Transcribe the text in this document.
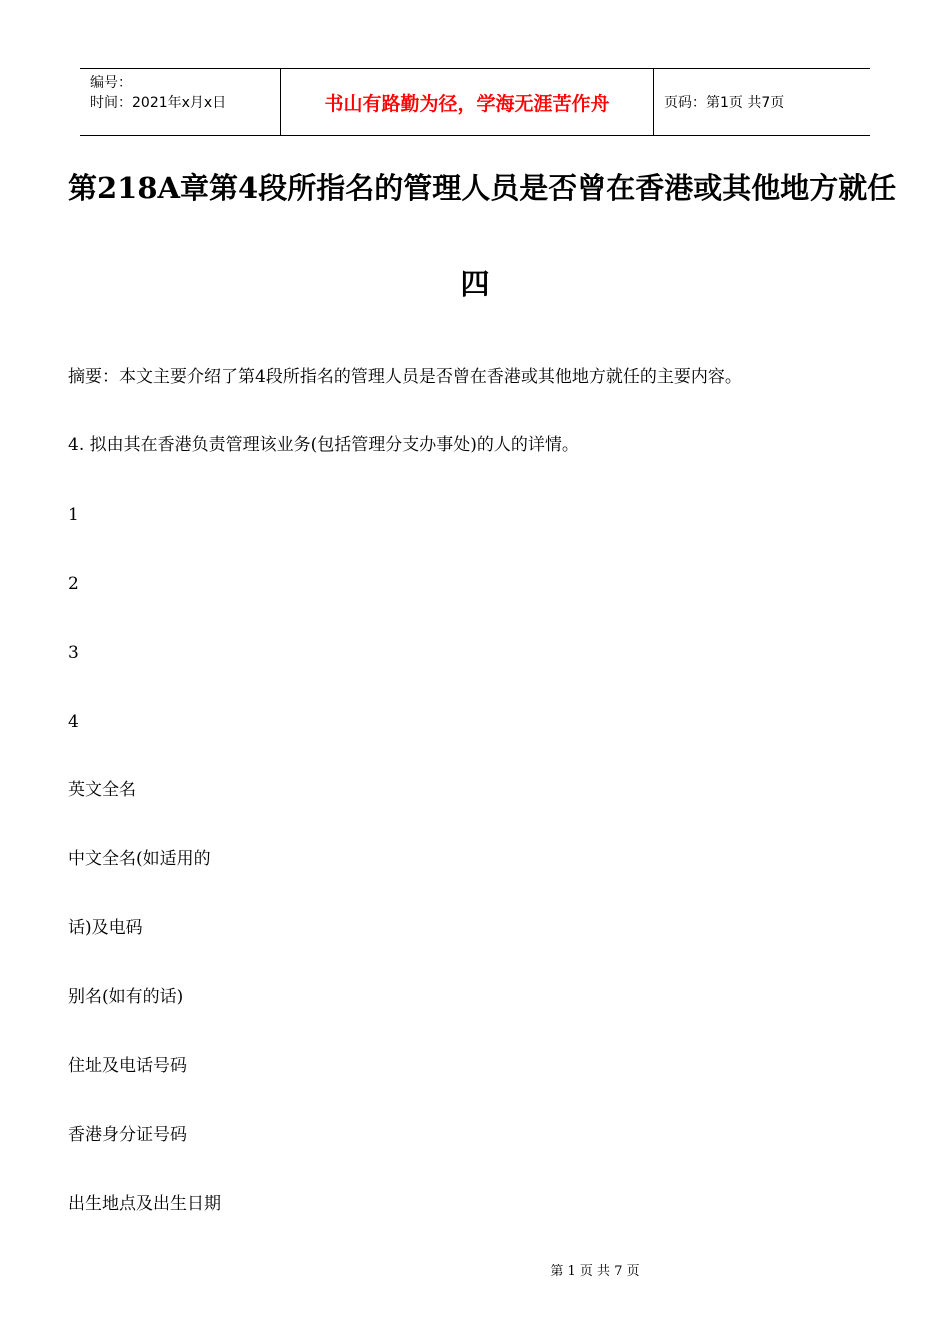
编号：
时间：2021年x月x日	书山有路勤为径，学海无涯苦作舟	页码：第1页 共7页
第218A章第4段所指名的管理人员是否曾在香港或其他地方就任
四
摘要：本文主要介绍了第4段所指名的管理人员是否曾在香港或其他地方就任的主要内容。
4. 拟由其在香港负责管理该业务(包括管理分支办事处)的人的详情。
1
2
3
4
英文全名
中文全名(如适用的
话)及电码
别名(如有的话)
住址及电话号码
香港身分证号码
出生地点及出生日期
第 1 页 共 7 页
